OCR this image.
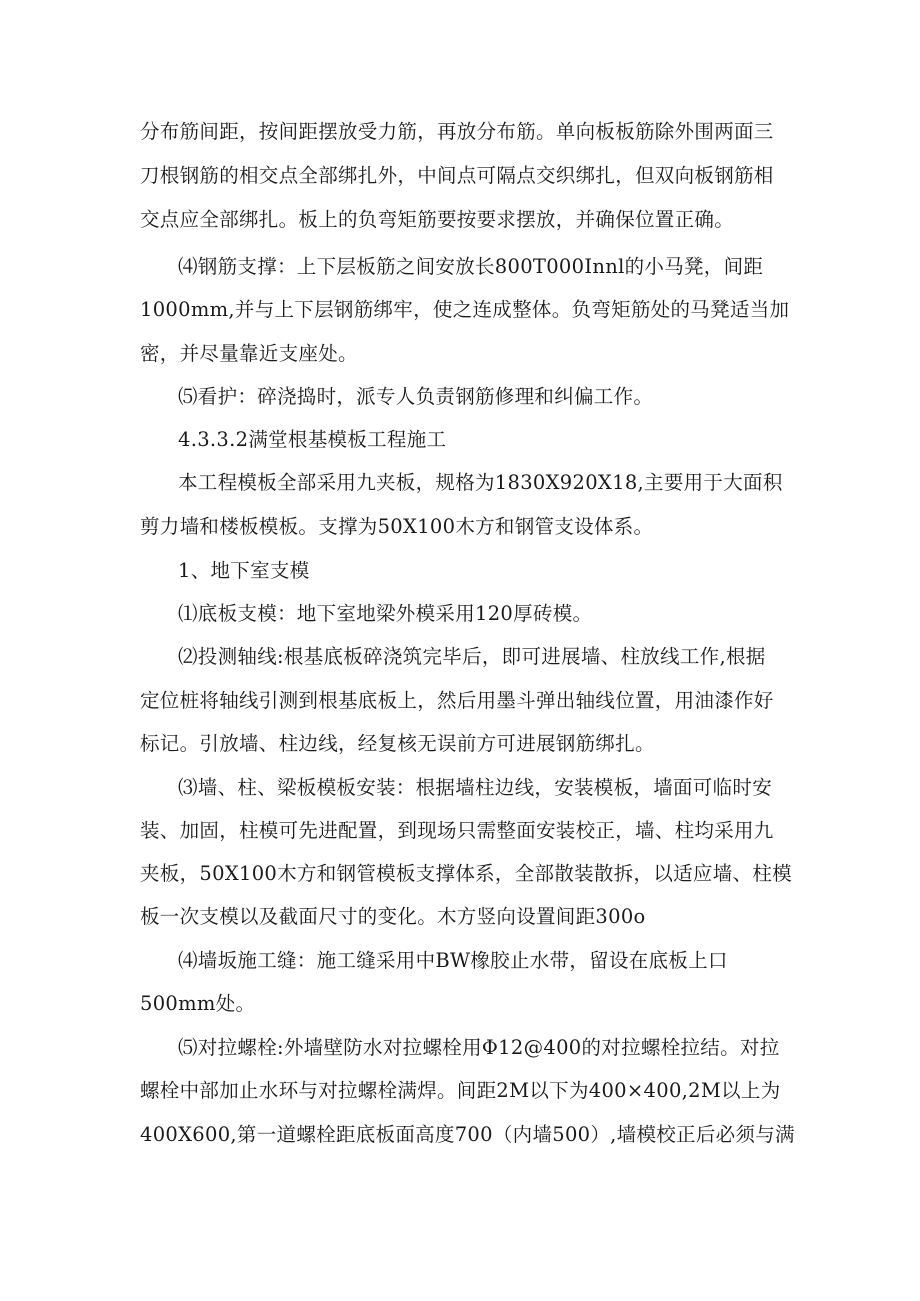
分布筋间距，按间距摆放受力筋，再放分布筋。单向板板筋除外围两面三
刀根钢筋的相交点全部绑扎外，中间点可隔点交织绑扎，但双向板钢筋相
交点应全部绑扎。板上的负弯矩筋要按要求摆放，并确保位置正确。
⑷钢筋支撑：上下层板筋之间安放长800T000Innl的小马凳，间距
1000mm,并与上下层钢筋绑牢，使之连成整体。负弯矩筋处的马凳适当加
密，并尽量靠近支座处。
⑸看护：碎浇捣时，派专人负责钢筋修理和纠偏工作。
4.3.3.2满堂根基模板工程施工
本工程模板全部采用九夹板，规格为1830X920X18,主要用于大面积
剪力墙和楼板模板。支撑为50X100木方和钢管支设体系。
1、地下室支模
⑴底板支模：地下室地梁外模采用120厚砖模。
⑵投测轴线:根基底板碎浇筑完毕后，即可进展墙、柱放线工作,根据
定位桩将轴线引测到根基底板上，然后用墨斗弹出轴线位置，用油漆作好
标记。引放墙、柱边线，经复核无误前方可进展钢筋绑扎。
⑶墙、柱、梁板模板安装：根据墙柱边线，安装模板，墙面可临时安
装、加固，柱模可先进配置，到现场只需整面安装校正，墙、柱均采用九
夹板，50X100木方和钢管模板支撑体系，全部散装散拆，以适应墙、柱模
板一次支模以及截面尺寸的变化。木方竖向设置间距300o
⑷墙坂施工缝：施工缝采用中BW橡胶止水带，留设在底板上口
500mm处。
⑸对拉螺栓:外墙壁防水对拉螺栓用Φ12@400的对拉螺栓拉结。对拉
螺栓中部加止水环与对拉螺栓满焊。间距2M以下为400×400,2M以上为
400X600,第一道螺栓距底板面高度700（内墙500）,墙模校正后必须与满
